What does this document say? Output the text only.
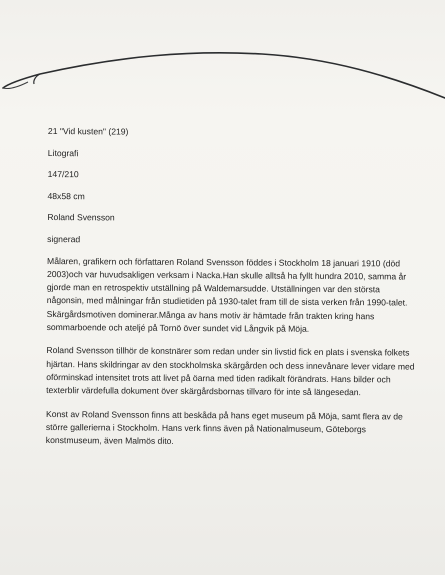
21 "Vid kusten" (219)
Litografi
147/210
48x58 cm
Roland Svensson
signerad

Målaren, grafikern och författaren Roland Svensson föddes i Stockholm 18 januari 1910 (död 2003)och var huvudsakligen verksam i Nacka.Han skulle alltså ha fyllt hundra 2010, samma år gjorde man en retrospektiv utställning på Waldemarsudde. Utställningen var den största någonsin, med målningar från studietiden på 1930-talet fram till de sista verken från 1990-talet. Skärgårdsmotiven dominerar.Många av hans motiv är hämtade från trakten kring hans sommarboende och ateljé på Tornö över sundet vid Långvik på Möja.

Roland Svensson tillhör de konstnärer som redan under sin livstid fick en plats i svenska folkets hjärtan. Hans skildringar av den stockholmska skärgården och dess innevånare lever vidare med oförminskad intensitet trots att livet på öarna med tiden radikalt förändrats. Hans bilder och texterblir värdefulla dokument över skärgårdsbornas tillvaro för inte så längesedan.

Konst av Roland Svensson finns att beskåda på hans eget museum på Möja, samt flera av de större gallerierna i Stockholm. Hans verk finns även på Nationalmuseum, Göteborgs konstmuseum, även Malmös dito.
